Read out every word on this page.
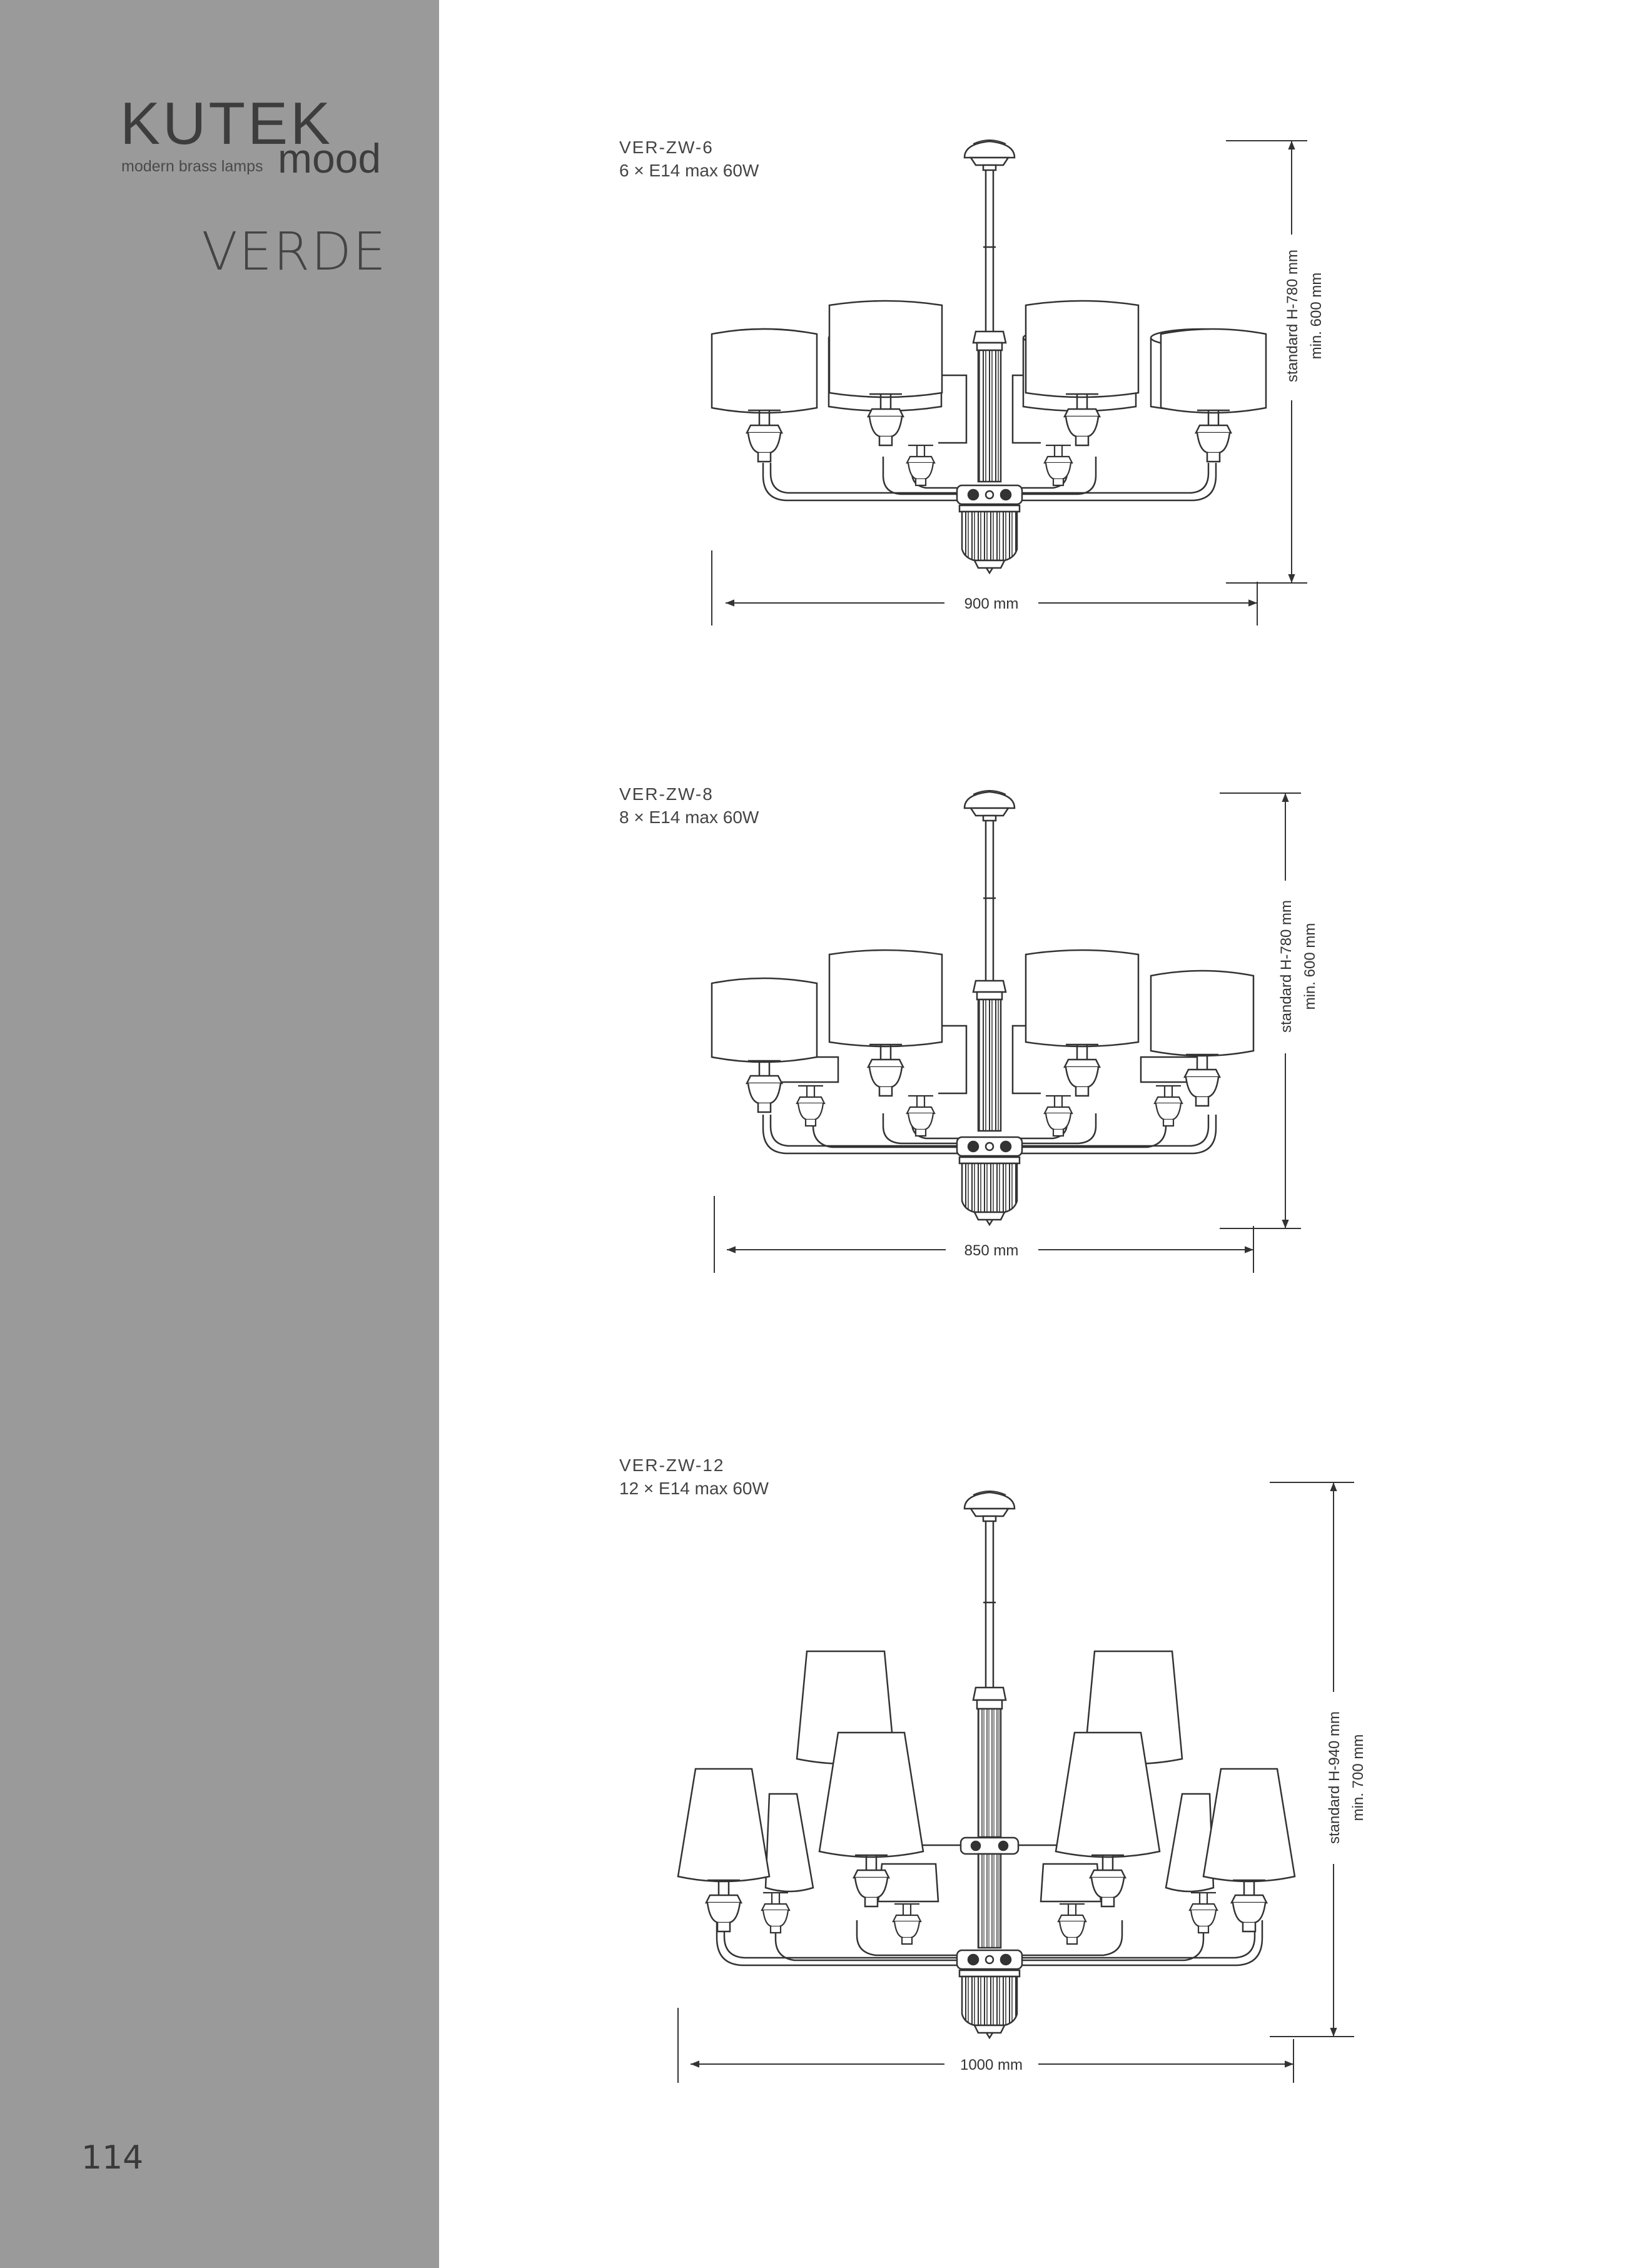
KUTEK
mood
modern brass lamps
VERDE
114
VER-ZW-6
6 × E14 max 60W
VER-ZW-8
8 × E14 max 60W
VER-ZW-12
12 × E14 max 60W
900 mm
standard H-780 mm min. 600 mm
850 mm
standard H-780 mm min. 600 mm
1000 mm
standard H-940 mm min. 700 mm
